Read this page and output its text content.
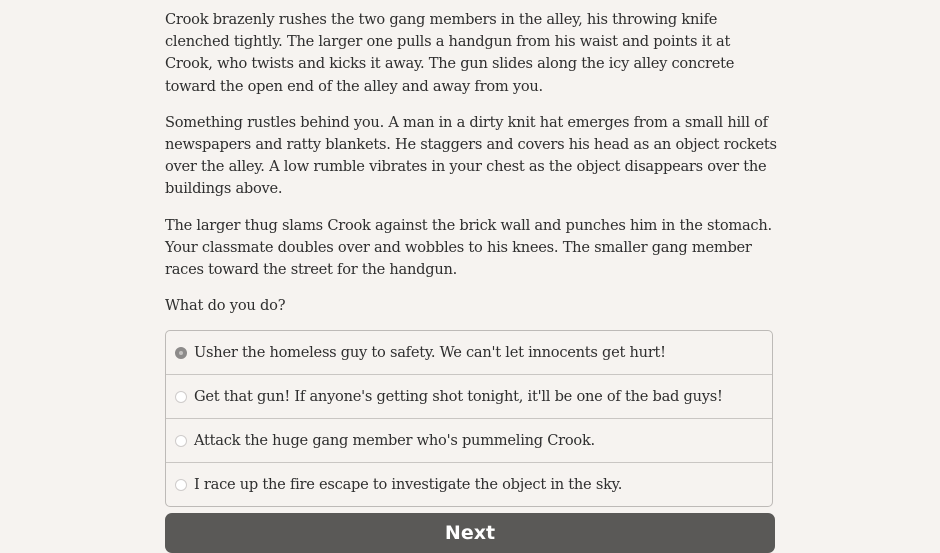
Crook brazenly rushes the two gang members in the alley, his throwing knife clenched tightly. The larger one pulls a handgun from his waist and points it at Crook, who twists and kicks it away. The gun slides along the icy alley concrete toward the open end of the alley and away from you.

Something rustles behind you. A man in a dirty knit hat emerges from a small hill of newspapers and ratty blankets. He staggers and covers his head as an object rockets over the alley. A low rumble vibrates in your chest as the object disappears over the buildings above.

The larger thug slams Crook against the brick wall and punches him in the stomach. Your classmate doubles over and wobbles to his knees. The smaller gang member races toward the street for the handgun.

What do you do?

Usher the homeless guy to safety. We can't let innocents get hurt!
Get that gun! If anyone's getting shot tonight, it'll be one of the bad guys!
Attack the huge gang member who's pummeling Crook.
I race up the fire escape to investigate the object in the sky.
Next
